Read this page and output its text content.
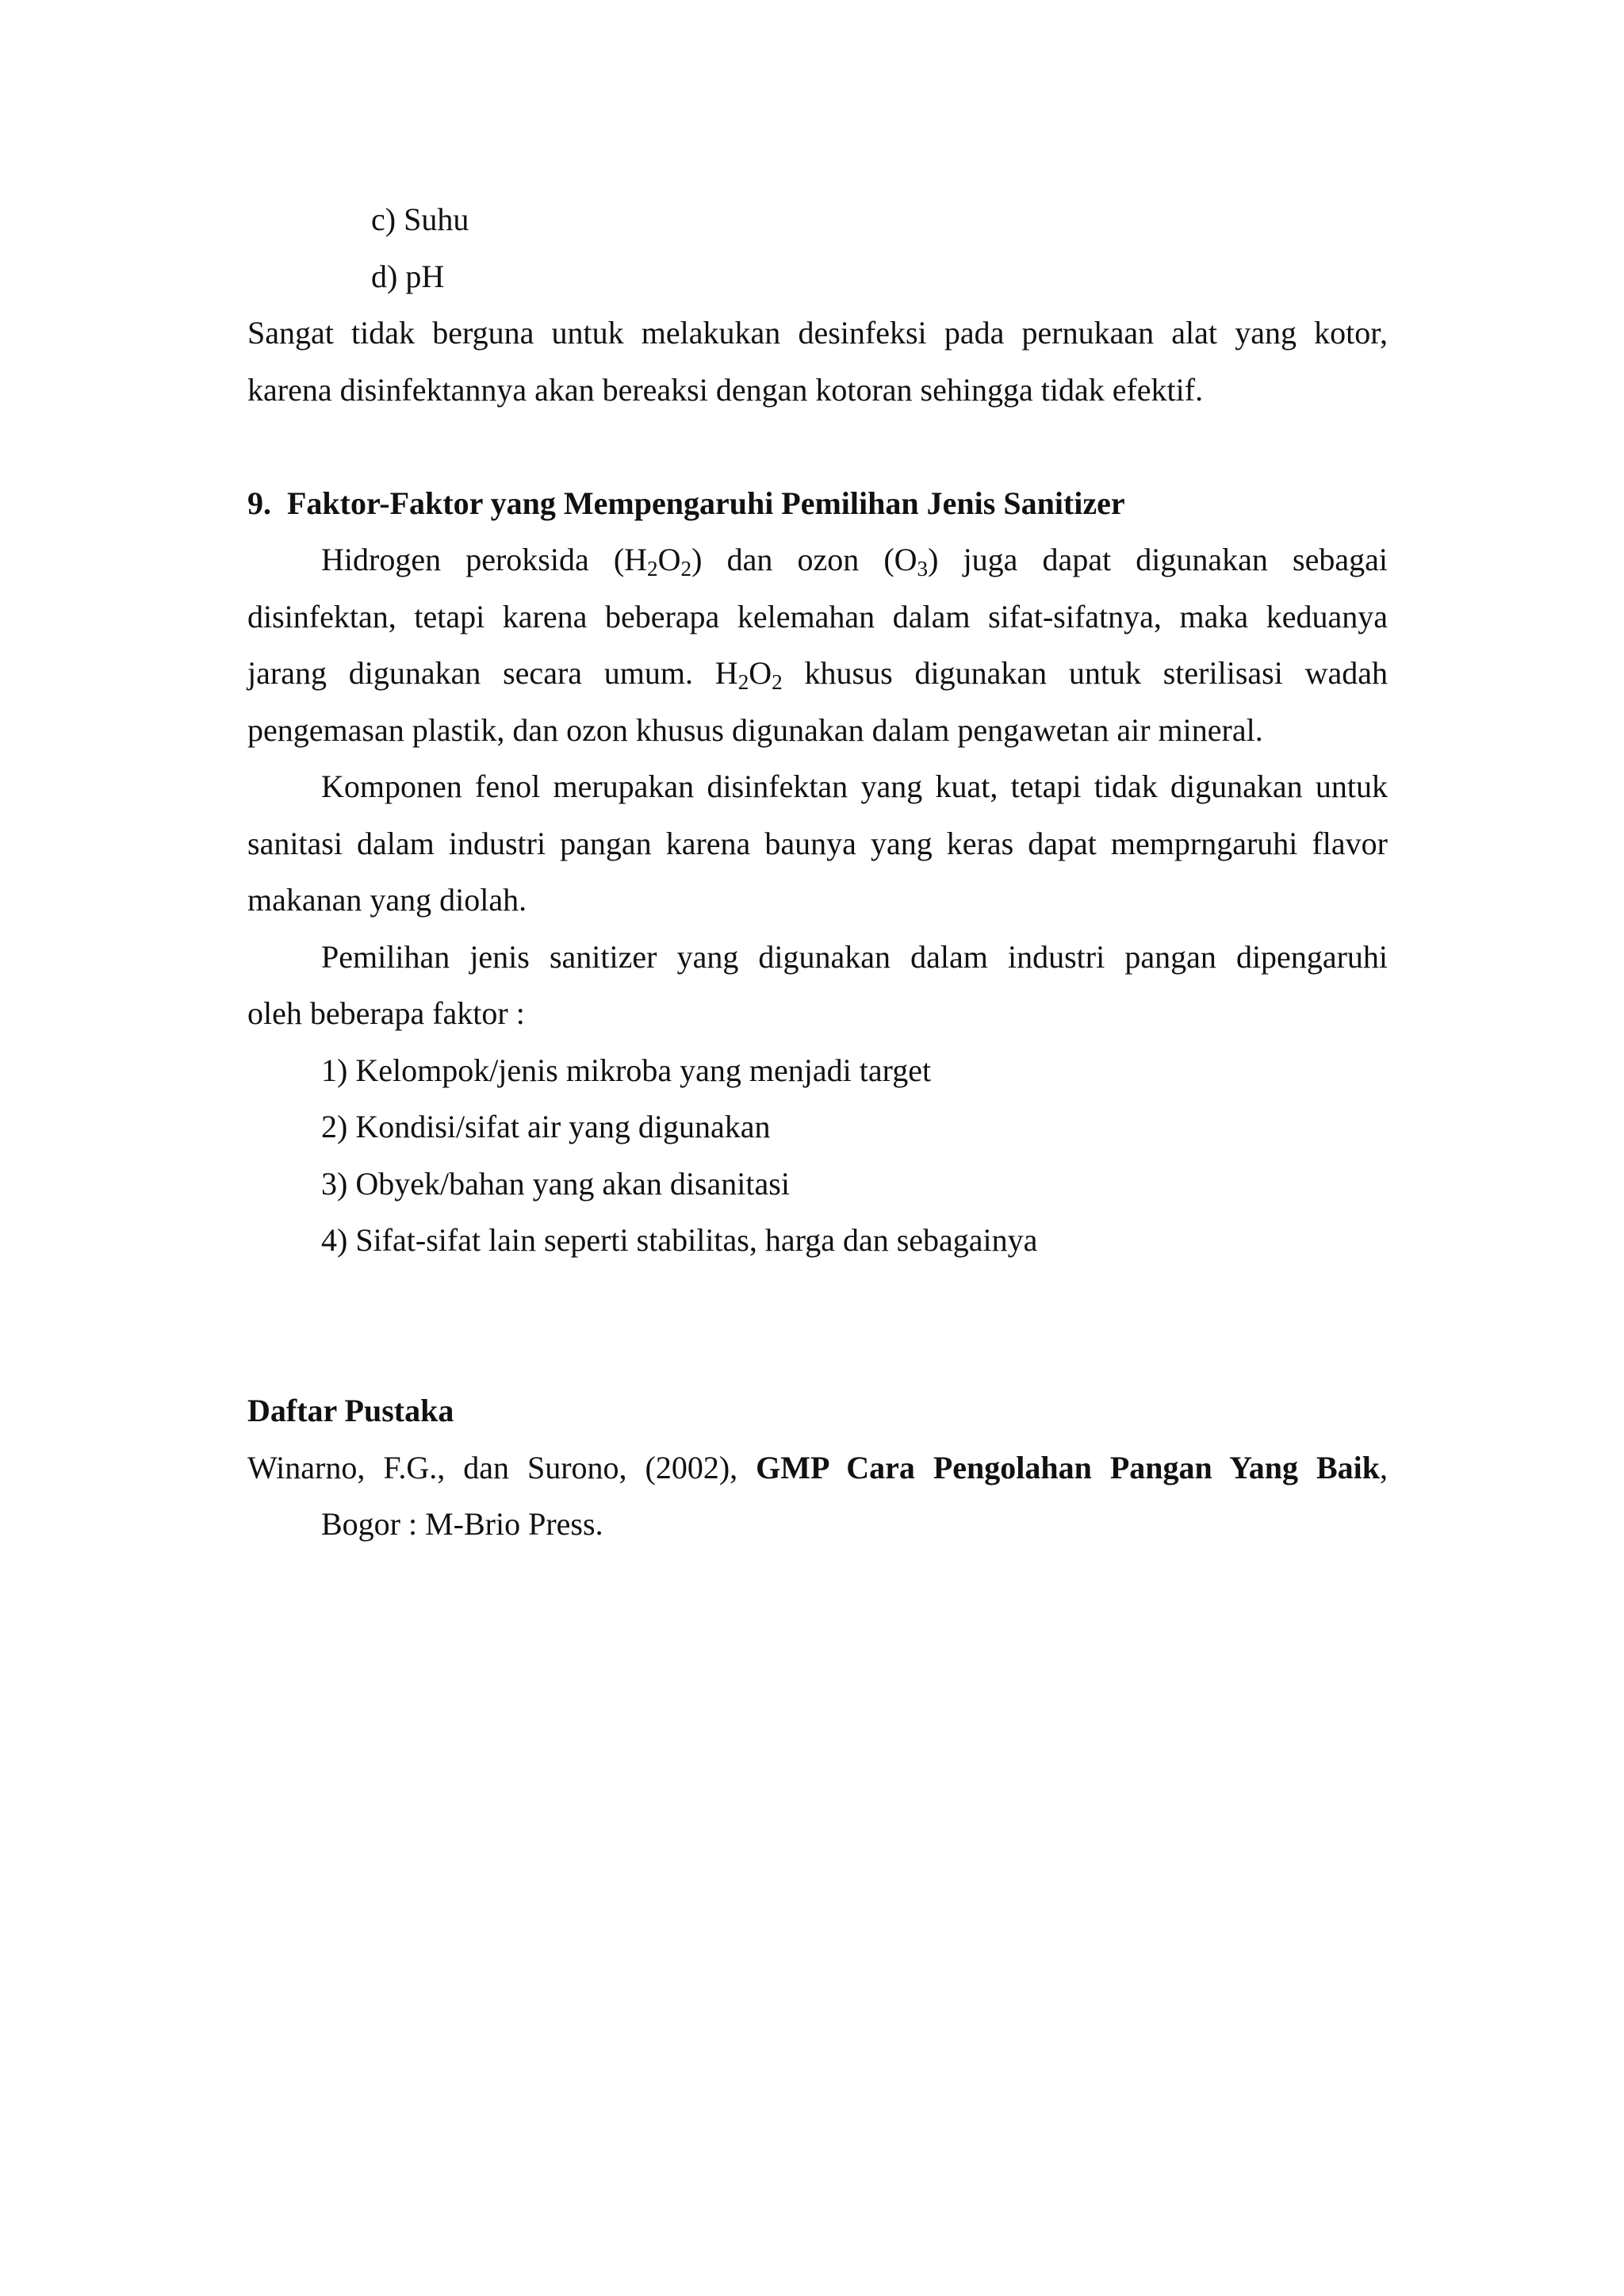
c) Suhu
d) pH
Sangat tidak berguna untuk melakukan desinfeksi pada pernukaan alat yang kotor,
karena disinfektannya akan bereaksi dengan kotoran sehingga tidak efektif.
9.  Faktor-Faktor yang Mempengaruhi Pemilihan Jenis Sanitizer
Hidrogen peroksida $(H_2O_2)$ dan ozon $(O_3)$ juga dapat digunakan sebagai
disinfektan, tetapi karena beberapa kelemahan dalam sifat-sifatnya, maka keduanya
jarang digunakan secara umum. $H_2O_2$ khusus digunakan untuk sterilisasi wadah
pengemasan plastik, dan ozon khusus digunakan dalam pengawetan air mineral.
Komponen fenol merupakan disinfektan yang kuat, tetapi tidak digunakan untuk
sanitasi dalam industri pangan karena baunya yang keras dapat memprngaruhi flavor
makanan yang diolah.
Pemilihan jenis sanitizer yang digunakan dalam industri pangan dipengaruhi
oleh beberapa faktor :
1) Kelompok/jenis mikroba yang menjadi target
2) Kondisi/sifat air yang digunakan
3) Obyek/bahan yang akan disanitasi
4) Sifat-sifat lain seperti stabilitas, harga dan sebagainya
Daftar Pustaka
Winarno, F.G., dan Surono, (2002), GMP Cara Pengolahan Pangan Yang Baik,
Bogor : M-Brio Press.
